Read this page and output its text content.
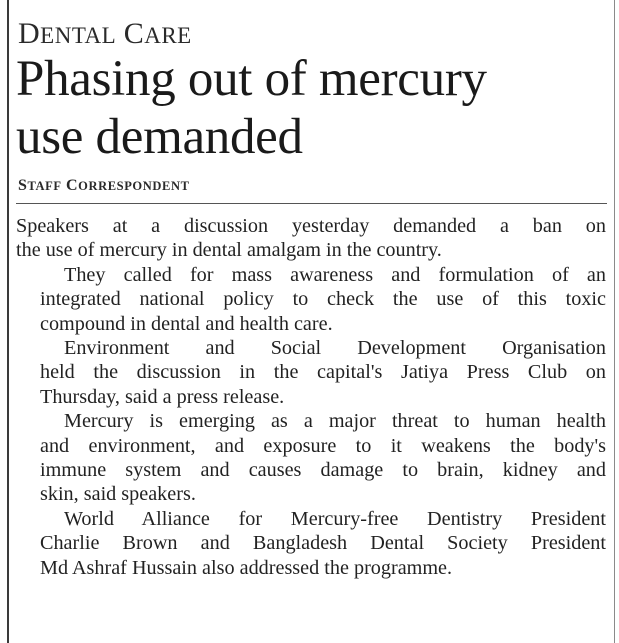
DENTAL CARE
Phasing out of mercury
use demanded
STAFF CORRESPONDENT

Speakers at a discussion yesterday demanded a ban on
the use of mercury in dental amalgam in the country.

They called for mass awareness and formulation of an
integrated national policy to check the use of this toxic
compound in dental and health care.

Environment and Social Development Organisation
held the discussion in the capital's Jatiya Press Club on
Thursday, said a press release.

Mercury is emerging as a major threat to human health
and environment, and exposure to it weakens the body's
immune system and causes damage to brain, kidney and
skin, said speakers.

World Alliance for Mercury-free Dentistry President
Charlie Brown and Bangladesh Dental Society President
Md Ashraf Hussain also addressed the programme.
